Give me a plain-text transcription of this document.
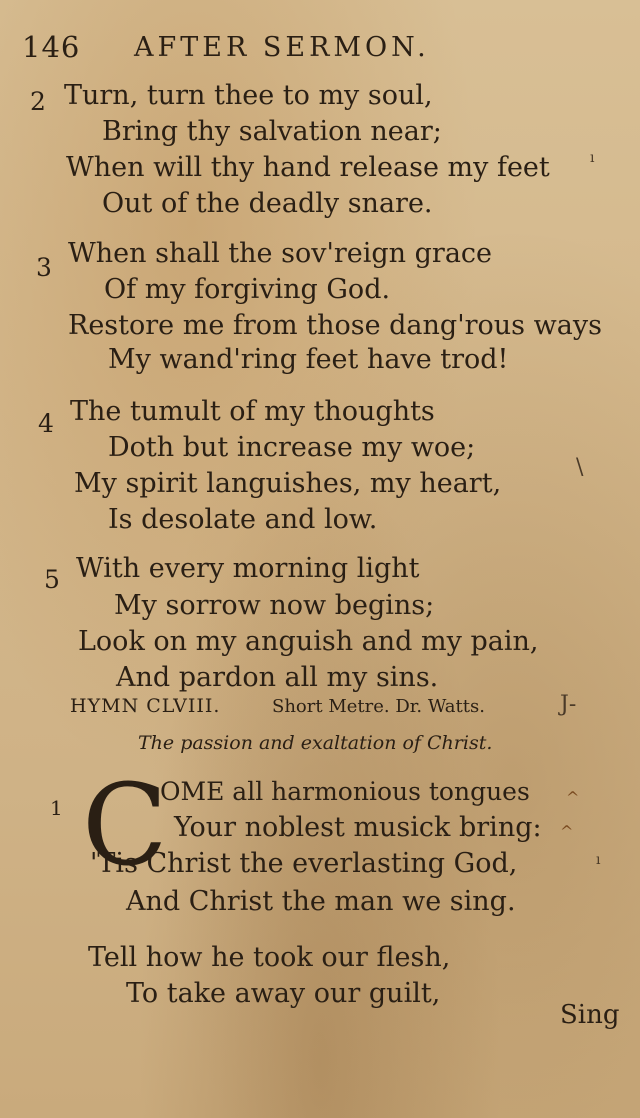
146 AFTER SERMON.
2 Turn, turn thee to my soul,
Bring thy salvation near;
When will thy hand release my feet
Out of the deadly snare.
3 When shall the sov'reign grace
Of my forgiving God.
Restore me from those dang'rous ways
My wand'ring feet have trod!
4 The tumult of my thoughts
Doth but increase my woe;
My spirit languishes, my heart,
Is desolate and low.
5 With every morning light
My sorrow now begins;
Look on my anguish and my pain,
And pardon all my sins.
HYMN CLVIII.	Short Metre. Dr. Watts.
The passion and exaltation of Christ.
1 C
OME all harmonious tongues
Your noblest musick bring:
'Tis Christ the everlasting God,
And Christ the man we sing.
Tell how he took our flesh,
To take away our guilt,
Sing
ı
\
J-
^
^
ı
